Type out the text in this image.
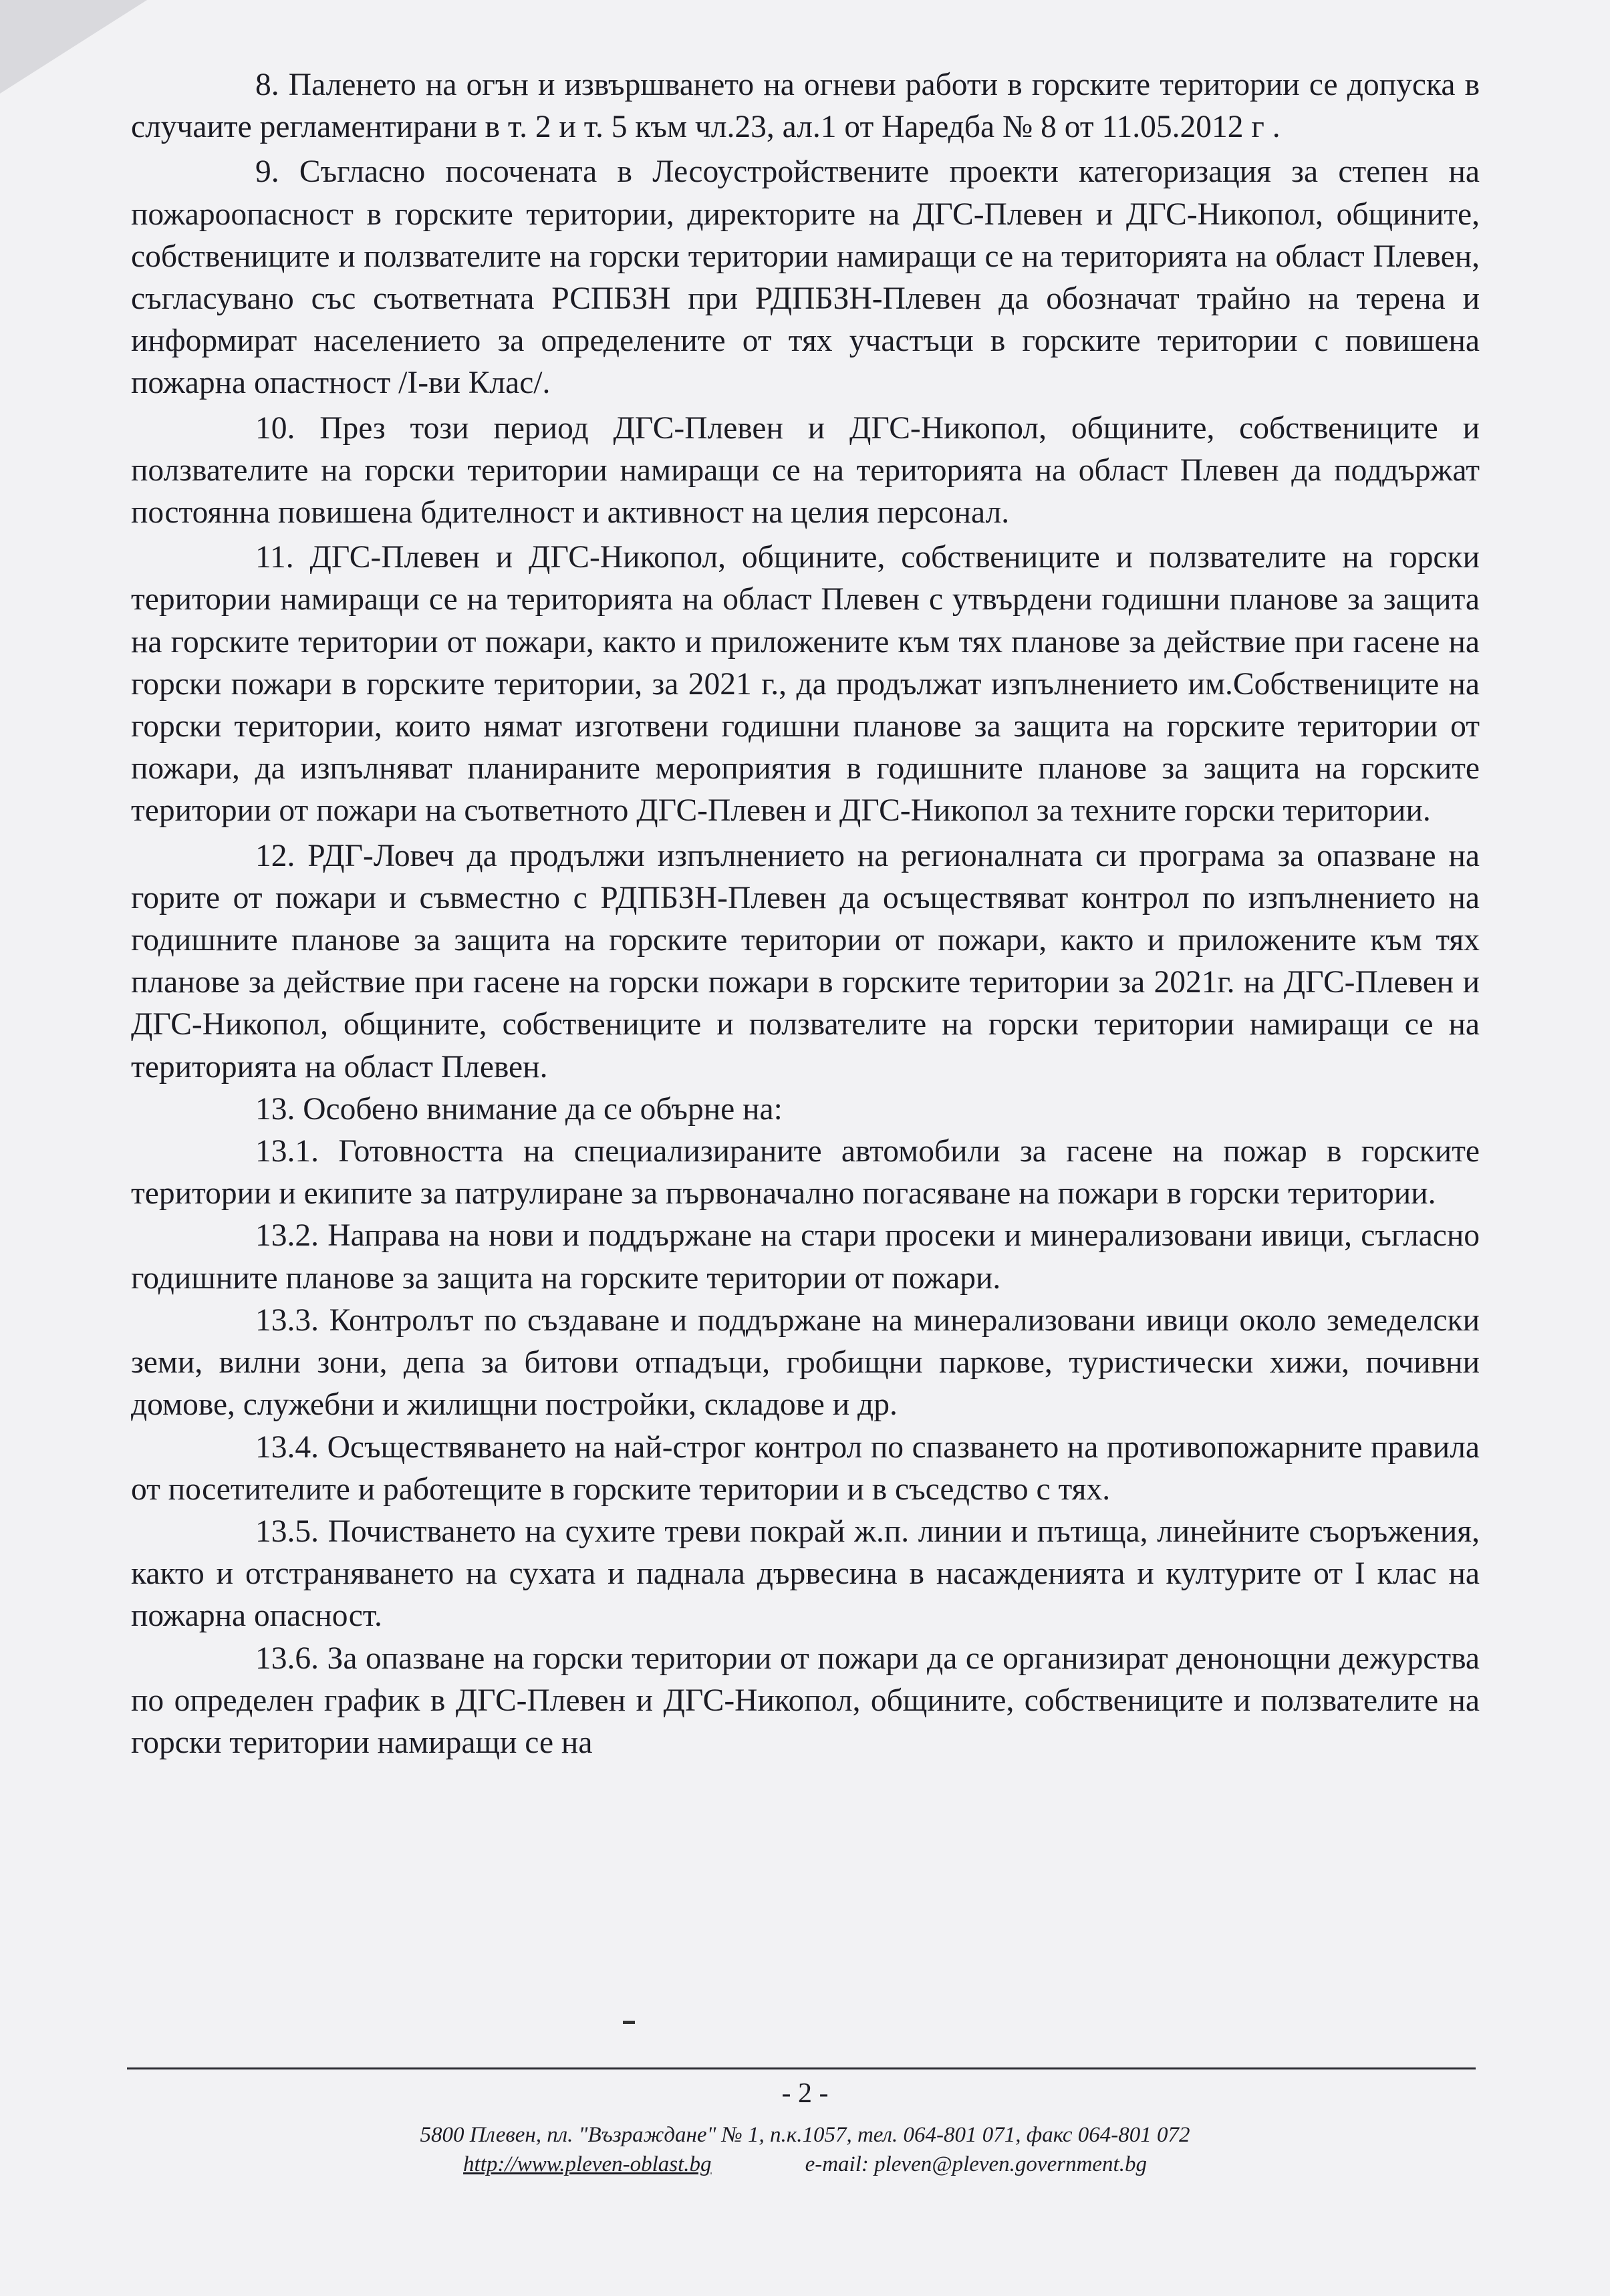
8. Паленето на огън и извършването на огневи работи в горските територии се допуска в случаите регламентирани в т. 2 и т. 5 към чл.23, ал.1 от Наредба № 8 от 11.05.2012 г .

9. Съгласно посочената в Лесоустройствените проекти категоризация за степен на пожароопасност в горските територии, директорите на ДГС-Плевен и ДГС-Никопол, общините, собствениците и ползвателите на горски територии намиращи се на територията на област Плевен, съгласувано със съответната РСПБЗН при РДПБЗН-Плевен да обозначат трайно на терена и информират населението за определените от тях участъци в горските територии с повишена пожарна опастност /І-ви Клас/.

10. През този период ДГС-Плевен и ДГС-Никопол, общините, собствениците и ползвателите на горски територии намиращи се на територията на област Плевен да поддържат постоянна повишена бдителност и активност на целия персонал.

11. ДГС-Плевен и ДГС-Никопол, общините, собствениците и ползвателите на горски територии намиращи се на територията на област Плевен с утвърдени годишни планове за защита на горските територии от пожари, както и приложените към тях планове за действие при гасене на горски пожари в горските територии, за 2021 г., да продължат изпълнението им.Собствениците на горски територии, които нямат изготвени годишни планове за защита на горските територии от пожари, да изпълняват планираните мероприятия в годишните планове за защита на горските територии от пожари на съответното ДГС-Плевен и ДГС-Никопол за техните горски територии.

12. РДГ-Ловеч да продължи изпълнението на регионалната си програма за опазване на горите от пожари и съвместно с РДПБЗН-Плевен да осъществяват контрол по изпълнението на годишните планове за защита на горските територии от пожари, както и приложените към тях планове за действие при гасене на горски пожари в горските територии за 2021г. на ДГС-Плевен и ДГС-Никопол, общините, собствениците и ползвателите на горски територии намиращи се на територията на област Плевен.

13. Особено внимание да се обърне на:

13.1. Готовността на специализираните автомобили за гасене на пожар в горските територии и екипите за патрулиране за първоначално погасяване на пожари в горски територии.

13.2. Направа на нови и поддържане на стари просеки и минерализовани ивици, съгласно годишните планове за защита на горските територии от пожари.

13.3. Контролът по създаване и поддържане на минерализовани ивици около земеделски земи, вилни зони, депа за битови отпадъци, гробищни паркове, туристически хижи, почивни домове, служебни и жилищни постройки, складове и др.

13.4. Осъществяването на най-строг контрол по спазването на противопожарните правила от посетителите и работещите в горските територии и в съседство с тях.

13.5. Почистването на сухите треви покрай ж.п. линии и пътища, линейните съоръжения, както и отстраняването на сухата и паднала дървесина в насажденията и културите от І клас на пожарна опасност.

13.6. За опазване на горски територии от пожари да се организират денонощни дежурства по определен график в ДГС-Плевен и ДГС-Никопол, общините, собствениците и ползвателите на горски територии намиращи се на

- 2 -
5800 Плевен, пл. "Възраждане" № 1, п.к.1057, тел. 064-801 071, факс 064-801 072
http://www.pleven-oblast.bg	e-mail: pleven@pleven.government.bg
